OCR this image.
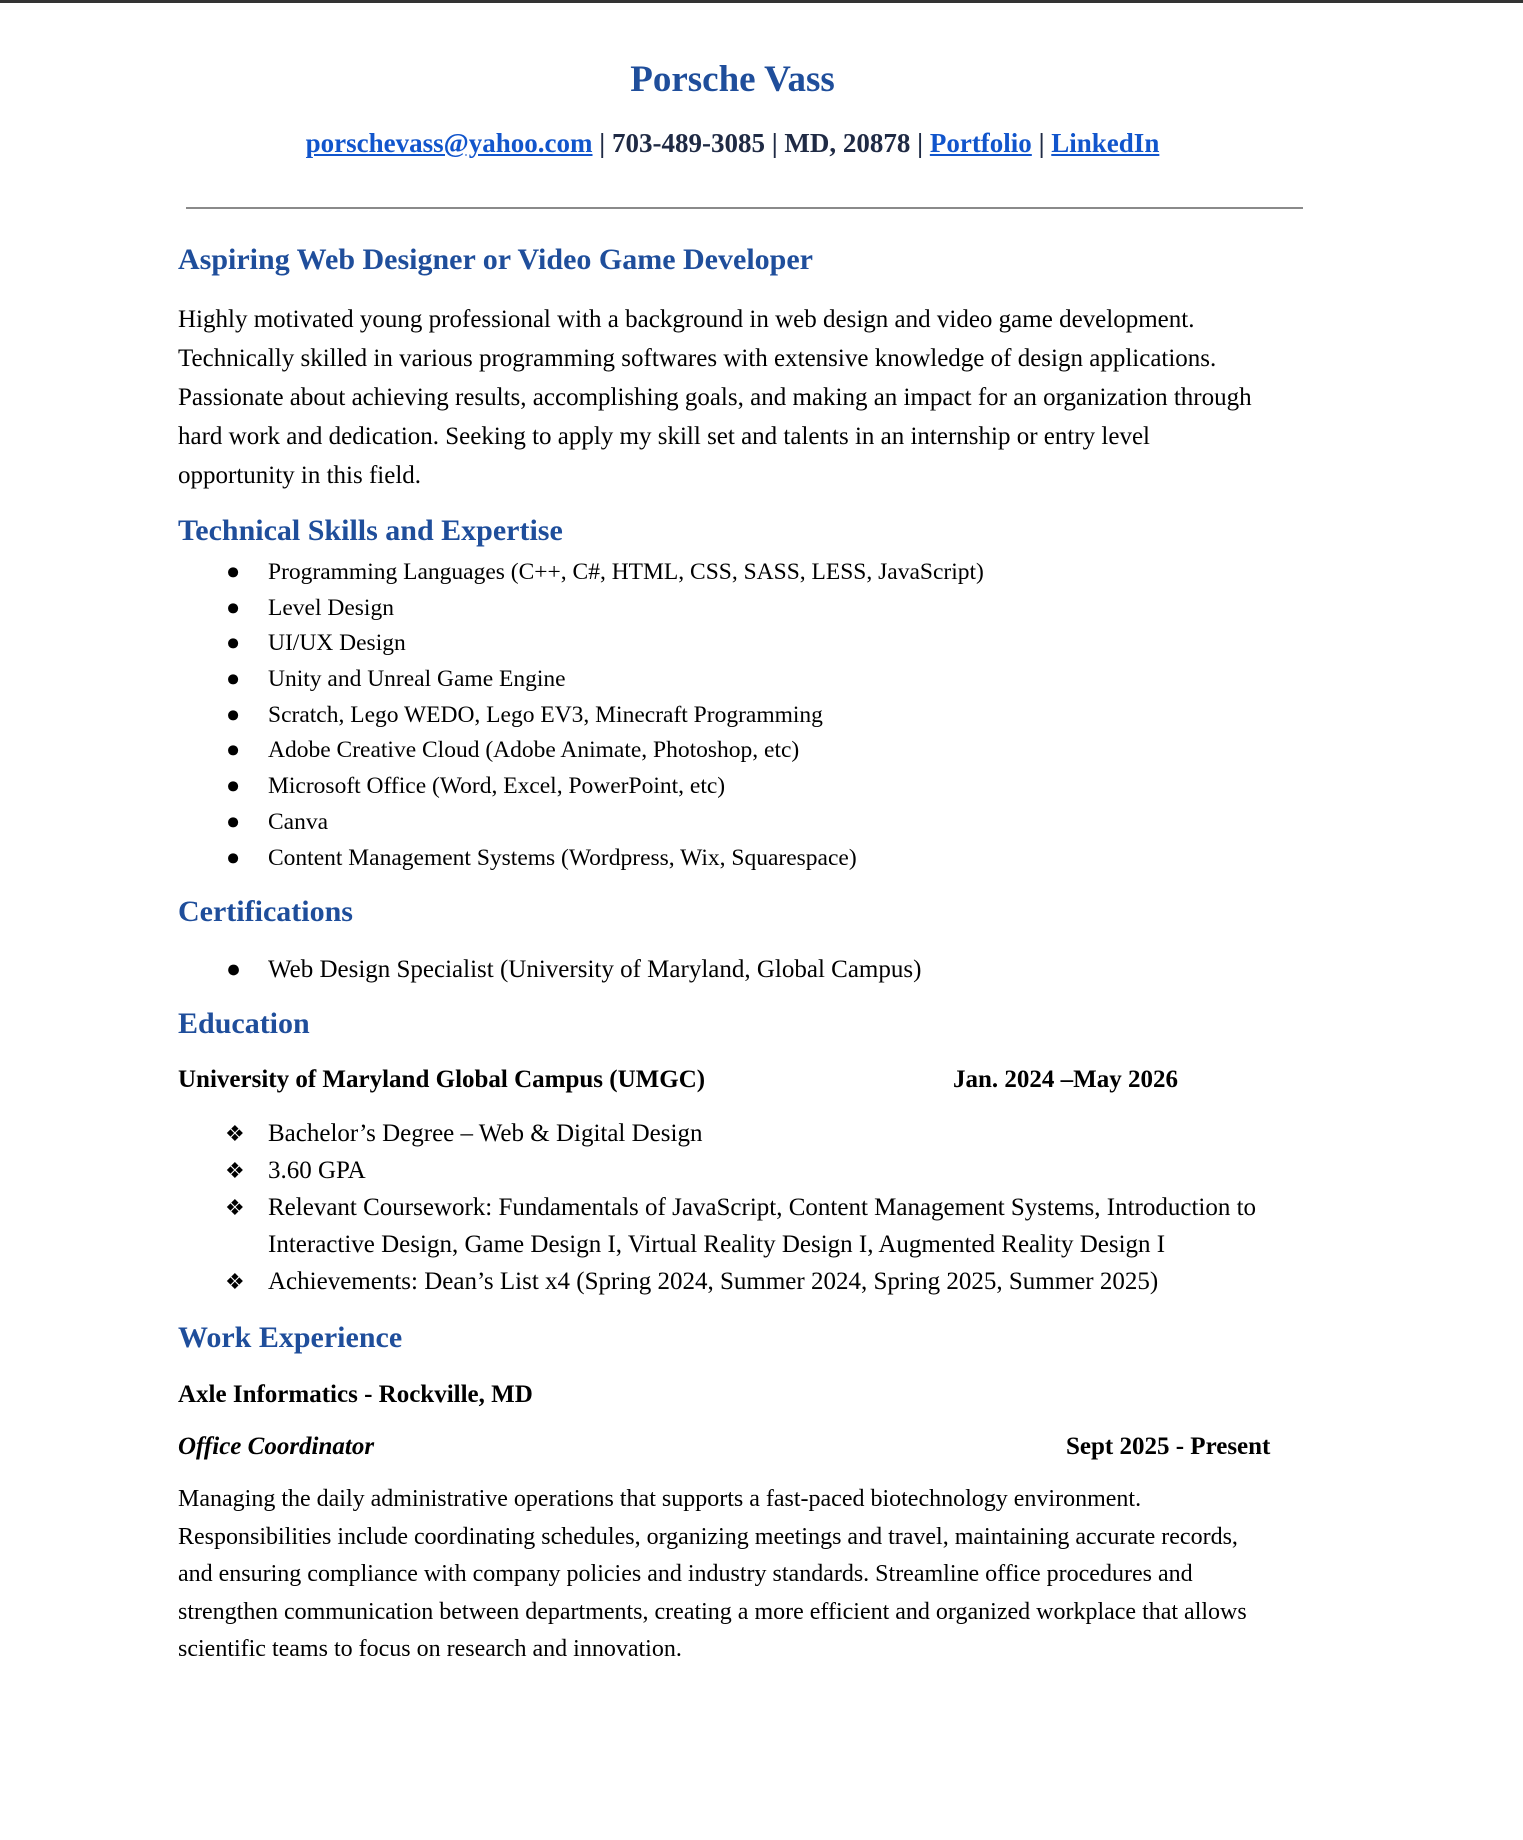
Porsche Vass
porschevass@yahoo.com | 703-489-3085 | MD, 20878 | Portfolio | LinkedIn
Aspiring Web Designer or Video Game Developer
Highly motivated young professional with a background in web design and video game development.
Technically skilled in various programming softwares with extensive knowledge of design applications.
Passionate about achieving results, accomplishing goals, and making an impact for an organization through
hard work and dedication. Seeking to apply my skill set and talents in an internship or entry level
opportunity in this field.
Technical Skills and Expertise
● Programming Languages (C++, C#, HTML, CSS, SASS, LESS, JavaScript)
● Level Design
● UI/UX Design
● Unity and Unreal Game Engine
● Scratch, Lego WEDO, Lego EV3, Minecraft Programming
● Adobe Creative Cloud (Adobe Animate, Photoshop, etc)
● Microsoft Office (Word, Excel, PowerPoint, etc)
● Canva
● Content Management Systems (Wordpress, Wix, Squarespace)
Certifications
● Web Design Specialist (University of Maryland, Global Campus)
Education
University of Maryland Global Campus (UMGC)	Jan. 2024 –May 2026
❖ Bachelor’s Degree – Web & Digital Design
❖ 3.60 GPA
❖ Relevant Coursework: Fundamentals of JavaScript, Content Management Systems, Introduction to Interactive Design, Game Design I, Virtual Reality Design I, Augmented Reality Design I
❖ Achievements: Dean’s List x4 (Spring 2024, Summer 2024, Spring 2025, Summer 2025)
Work Experience
Axle Informatics - Rockville, MD
Office Coordinator	Sept 2025 - Present
Managing the daily administrative operations that supports a fast-paced biotechnology environment.
Responsibilities include coordinating schedules, organizing meetings and travel, maintaining accurate records,
and ensuring compliance with company policies and industry standards. Streamline office procedures and
strengthen communication between departments, creating a more efficient and organized workplace that allows
scientific teams to focus on research and innovation.
